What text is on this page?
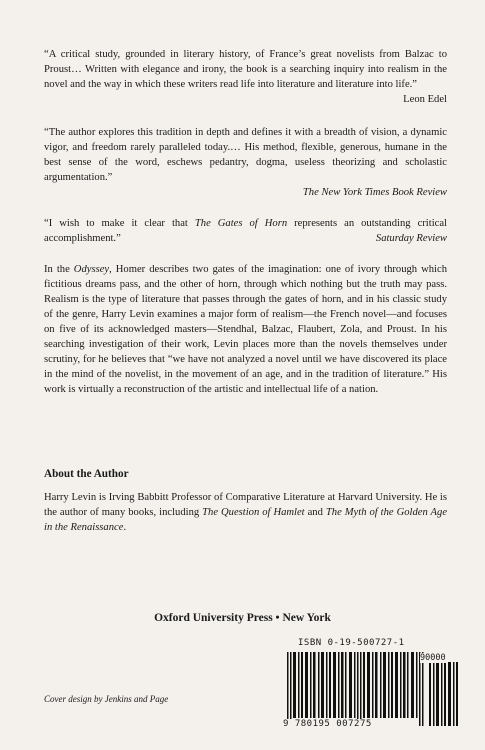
“A critical study, grounded in literary history, of France’s great novelists from Balzac to Proust… Written with elegance and irony, the book is a searching inquiry into realism in the novel and the way in which these writers read life into literature and literature into life.”
Leon Edel

“The author explores this tradition in depth and defines it with a breadth of vision, a dynamic vigor, and freedom rarely paralleled today.… His method, flexible, generous, humane in the best sense of the word, eschews pedantry, dogma, useless theorizing and scholastic argumentation.”

The New York Times Book Review

“I wish to make it clear that The Gates of Horn represents an outstanding critical accomplishment.”	Saturday Review

In the Odyssey, Homer describes two gates of the imagination: one of ivory through which fictitious dreams pass, and the other of horn, through which nothing but the truth may pass. Realism is the type of literature that passes through the gates of horn, and in his classic study of the genre, Harry Levin examines a major form of realism—the French novel—and focuses on five of its acknowledged masters—Stendhal, Balzac, Flaubert, Zola, and Proust. In his searching investigation of their work, Levin places more than the novels themselves under scrutiny, for he believes that “we have not analyzed a novel until we have discovered its place in the mind of the novelist, in the movement of an age, and in the tradition of literature.” His work is virtually a reconstruction of the artistic and intellectual life of a nation.

About the Author

Harry Levin is Irving Babbitt Professor of Comparative Literature at Harvard University. He is the author of many books, including The Question of Hamlet and The Myth of the Golden Age in the Renaissance.

Oxford University Press • New York
ISBN 0-19-500727-1
90000
9 780195 007275
Cover design by Jenkins and Page
